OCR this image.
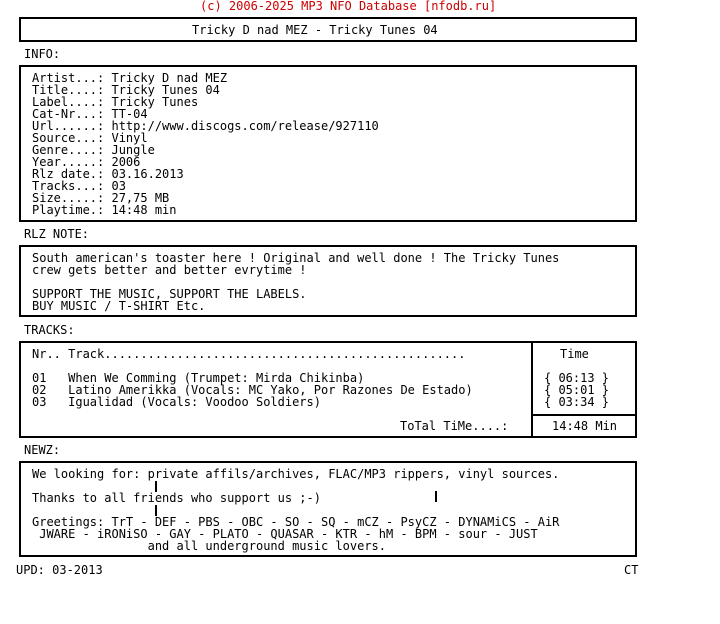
(c) 2006-2025 MP3 NFO Database [nfodb.ru]
Tricky D nad MEZ - Tricky Tunes 04
INFO:
Artist...: Tricky D nad MEZ
Title....: Tricky Tunes 04
Label....: Tricky Tunes
Cat-Nr...: TT-04
Url......: http://www.discogs.com/release/927110
Source...: Vinyl
Genre....: Jungle
Year.....: 2006
Rlz date.: 03.16.2013
Tracks...: 03
Size.....: 27,75 MB
Playtime.: 14:48 min
RLZ NOTE:
South american's toaster here ! Original and well done ! The Tricky Tunes
crew gets better and better evrytime !
SUPPORT THE MUSIC, SUPPORT THE LABELS.
BUY MUSIC / T-SHIRT Etc.
TRACKS:
Nr.. Track..................................................	Time
01   When We Comming (Trumpet: Mirda Chikinba)	{ 06:13 }
02   Latino Amerikka (Vocals: MC Yako, Por Razones De Estado)	{ 05:01 }
03   Igualidad (Vocals: Voodoo Soldiers)	{ 03:34 }
ToTal TiMe....:	14:48 Min
NEWZ:
We looking for: private affils/archives, FLAC/MP3 rippers, vinyl sources.
Thanks to all friends who support us ;-)
Greetings: TrT - DEF - PBS - OBC - SO - SQ - mCZ - PsyCZ - DYNAMiCS - AiR
JWARE - iRONiSO - GAY - PLATO - QUASAR - KTR - hM - BPM - sour - JUST
and all underground music lovers.
UPD: 03-2013	CT
